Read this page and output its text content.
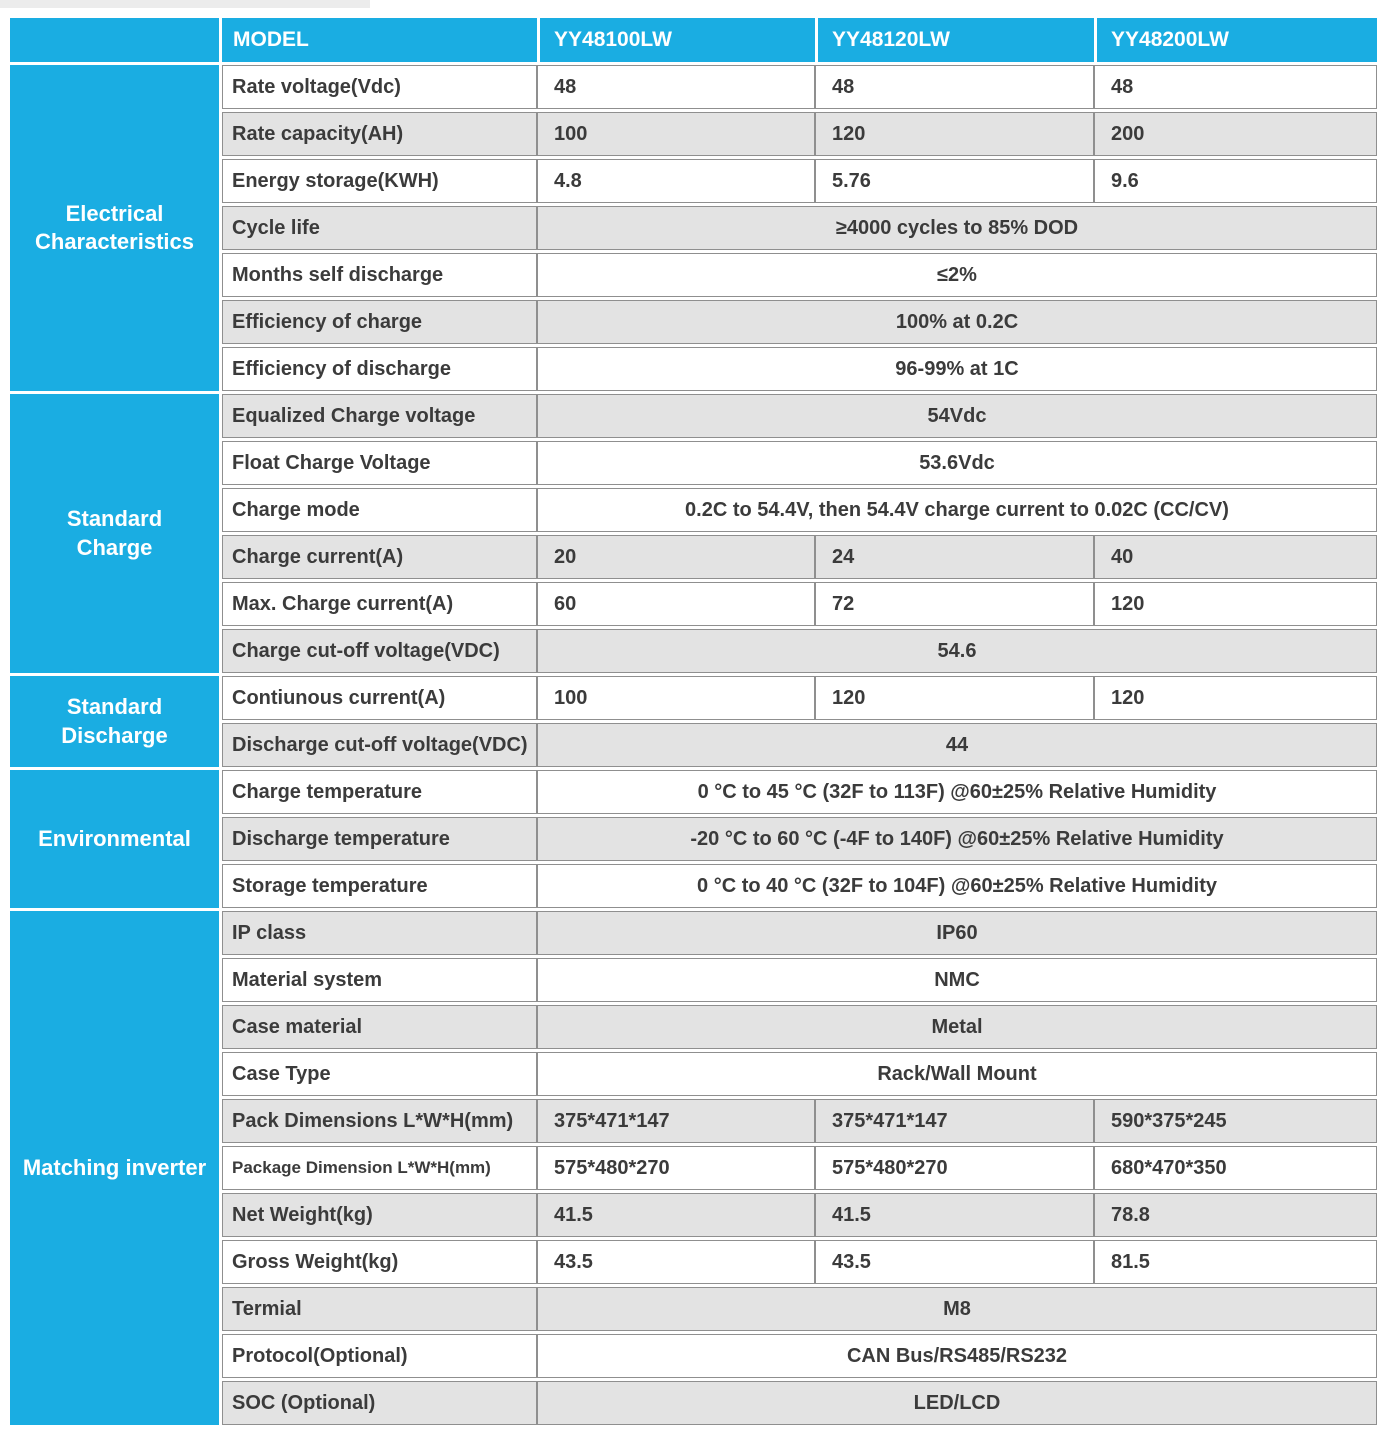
	MODEL	YY48100LW	YY48120LW	YY48200LW
Electrical Characteristics	Rate voltage(Vdc)	48	48	48
	Rate capacity(AH)	100	120	200
	Energy storage(KWH)	4.8	5.76	9.6
	Cycle life	≥4000 cycles to 85% DOD		
	Months self discharge	≤2%		
	Efficiency of charge	100% at 0.2C		
	Efficiency of discharge	96-99% at 1C		
Standard Charge	Equalized Charge voltage	54Vdc		
	Float Charge Voltage	53.6Vdc		
	Charge mode	0.2C to 54.4V, then 54.4V charge current to 0.02C (CC/CV)		
	Charge current(A)	20	24	40
	Max. Charge current(A)	60	72	120
	Charge cut-off voltage(VDC)	54.6		
Standard Discharge	Contiunous current(A)	100	120	120
	Discharge cut-off voltage(VDC)	44		
Environmental	Charge temperature	0 °C to 45 °C (32F to 113F) @60±25% Relative Humidity		
	Discharge temperature	-20 °C to 60 °C (-4F to 140F) @60±25% Relative Humidity		
	Storage temperature	0 °C to 40 °C (32F to 104F) @60±25% Relative Humidity		
Matching inverter	IP class	IP60		
	Material system	NMC		
	Case material	Metal		
	Case Type	Rack/Wall Mount		
	Pack Dimensions L*W*H(mm)	375*471*147	375*471*147	590*375*245
	Package Dimension L*W*H(mm)	575*480*270	575*480*270	680*470*350
	Net Weight(kg)	41.5	41.5	78.8
	Gross Weight(kg)	43.5	43.5	81.5
	Termial	M8		
	Protocol(Optional)	CAN Bus/RS485/RS232		
	SOC (Optional)	LED/LCD		
